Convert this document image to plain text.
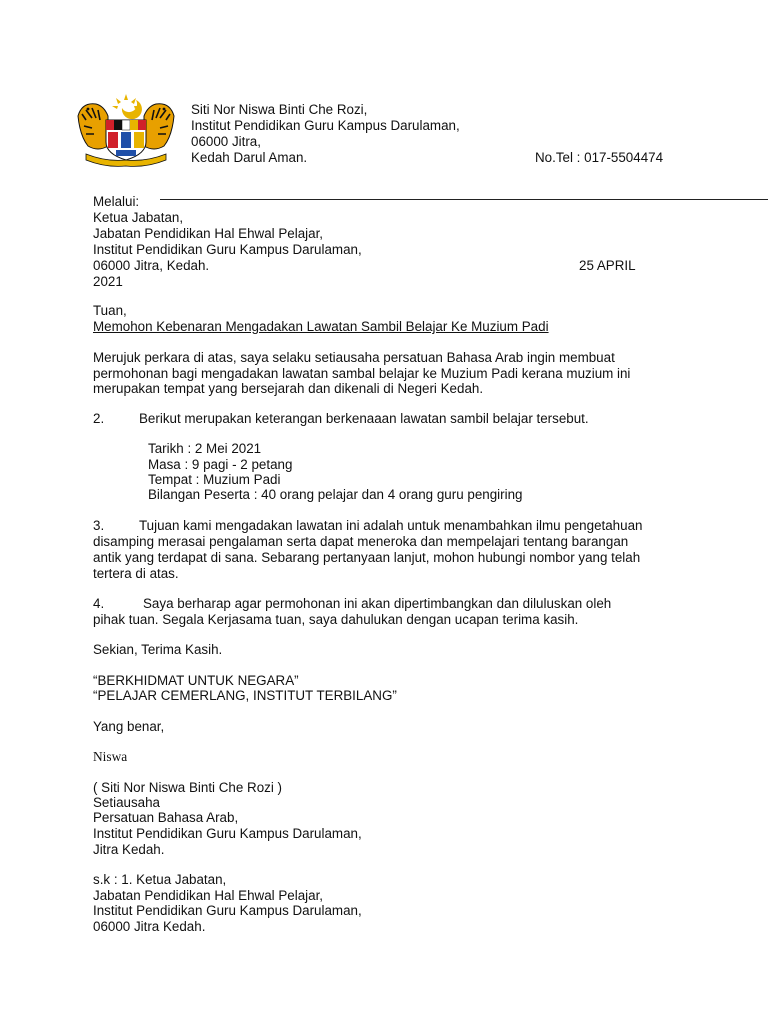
Siti Nor Niswa Binti Che Rozi,
Institut Pendidikan Guru Kampus Darulaman,
06000 Jitra,
Kedah Darul Aman.	No.Tel : 017-5504474
Melalui:
Ketua Jabatan,
Jabatan Pendidikan Hal Ehwal Pelajar,
Institut Pendidikan Guru Kampus Darulaman,
06000 Jitra, Kedah.	25 APRIL
2021
Tuan,
Memohon Kebenaran Mengadakan Lawatan Sambil Belajar Ke Muzium Padi
Merujuk perkara di atas, saya selaku setiausaha persatuan Bahasa Arab ingin membuat
permohonan bagi mengadakan lawatan sambal belajar ke Muzium Padi kerana muzium ini
merupakan tempat yang bersejarah dan dikenali di Negeri Kedah.
2.	Berikut merupakan keterangan berkenaaan lawatan sambil belajar tersebut.
Tarikh : 2 Mei 2021
Masa : 9 pagi - 2 petang
Tempat : Muzium Padi
Bilangan Peserta : 40 orang pelajar dan 4 orang guru pengiring
3.	Tujuan kami mengadakan lawatan ini adalah untuk menambahkan ilmu pengetahuan
disamping merasai pengalaman serta dapat meneroka dan mempelajari tentang barangan
antik yang terdapat di sana. Sebarang pertanyaan lanjut, mohon hubungi nombor yang telah
tertera di atas.
4.	Saya berharap agar permohonan ini akan dipertimbangkan dan diluluskan oleh
pihak tuan. Segala Kerjasama tuan, saya dahulukan dengan ucapan terima kasih.
Sekian, Terima Kasih.
“BERKHIDMAT UNTUK NEGARA”
“PELAJAR CEMERLANG, INSTITUT TERBILANG”
Yang benar,
Niswa
( Siti Nor Niswa Binti Che Rozi )
Setiausaha
Persatuan Bahasa Arab,
Institut Pendidikan Guru Kampus Darulaman,
Jitra Kedah.
s.k : 1. Ketua Jabatan,
Jabatan Pendidikan Hal Ehwal Pelajar,
Institut Pendidikan Guru Kampus Darulaman,
06000 Jitra Kedah.
